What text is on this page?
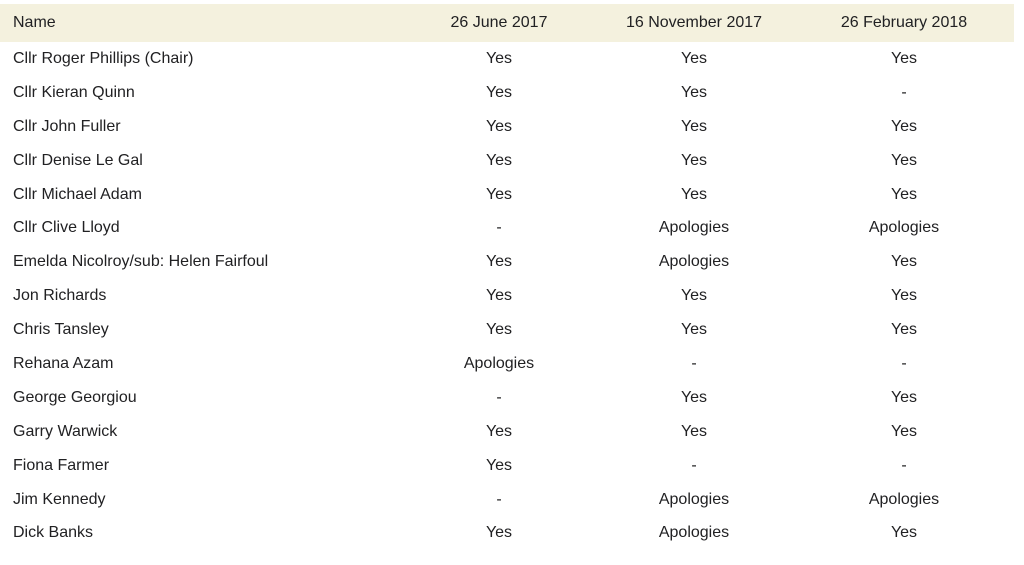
Name	26 June 2017	16 November 2017	26 February 2018
Cllr Roger Phillips (Chair)	Yes	Yes	Yes
Cllr Kieran Quinn	Yes	Yes	-
Cllr John Fuller	Yes	Yes	Yes
Cllr Denise Le Gal	Yes	Yes	Yes
Cllr Michael Adam	Yes	Yes	Yes
Cllr Clive Lloyd	-	Apologies	Apologies
Emelda Nicolroy/sub: Helen Fairfoul	Yes	Apologies	Yes
Jon Richards	Yes	Yes	Yes
Chris Tansley	Yes	Yes	Yes
Rehana Azam	Apologies	-	-
George Georgiou	-	Yes	Yes
Garry Warwick	Yes	Yes	Yes
Fiona Farmer	Yes	-	-
Jim Kennedy	-	Apologies	Apologies
Dick Banks	Yes	Apologies	Yes
